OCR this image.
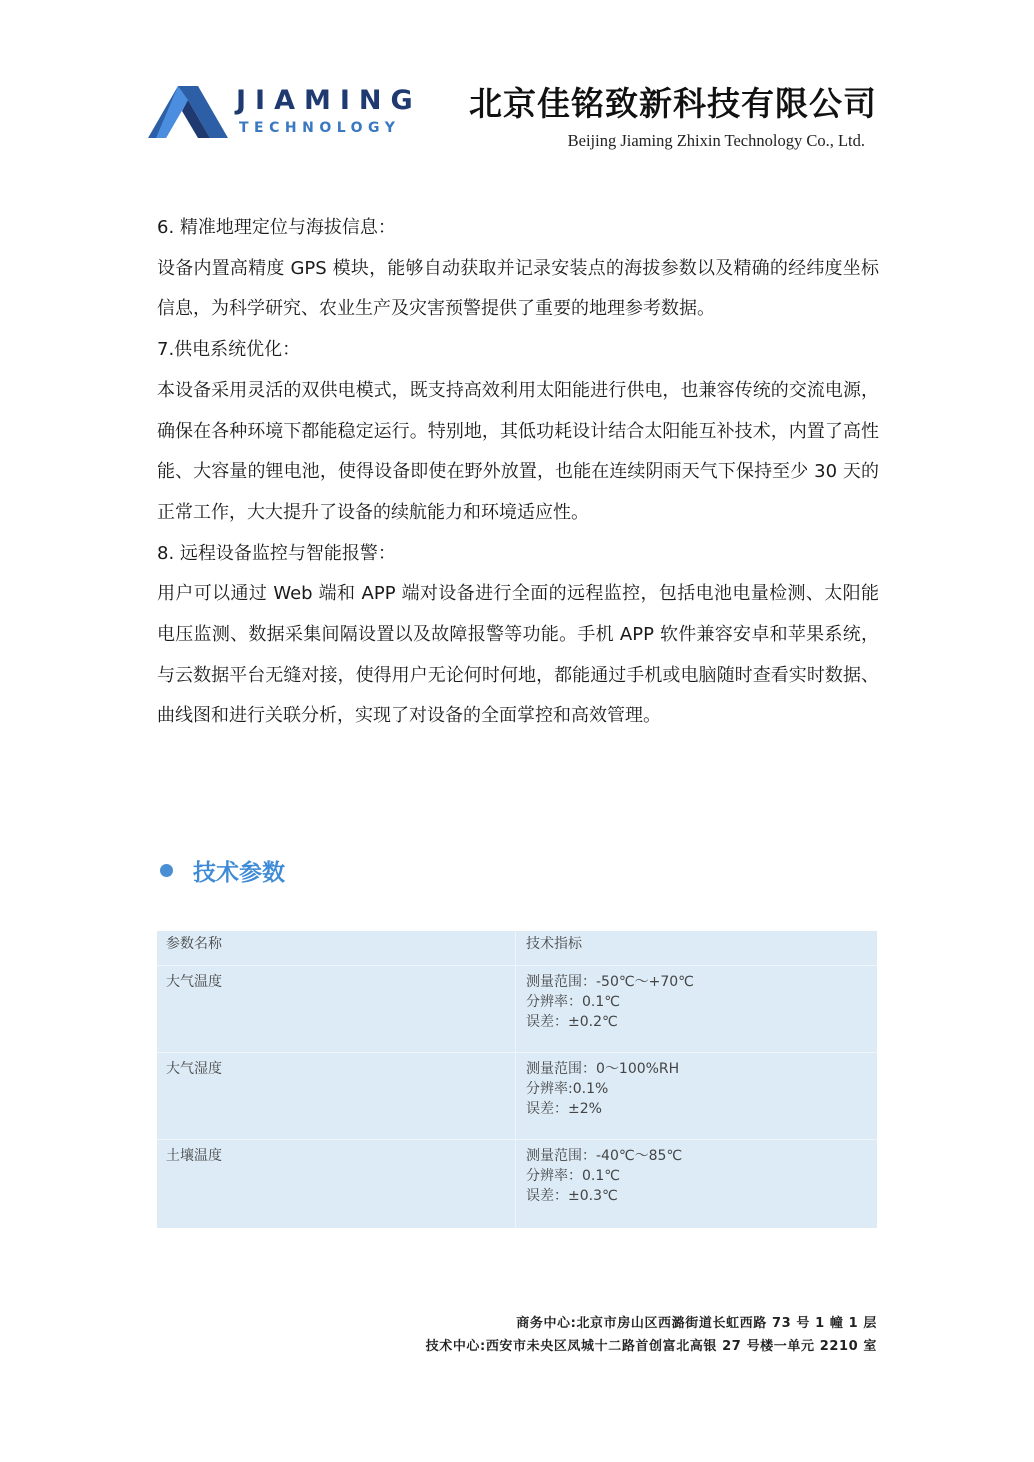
JIAMING
TECHNOLOGY
北京佳铭致新科技有限公司
Beijing Jiaming Zhixin Technology Co., Ltd.

6. 精准地理定位与海拔信息：

设备内置高精度 GPS 模块，能够自动获取并记录安装点的海拔参数以及精确的经纬度坐标信息，为科学研究、农业生产及灾害预警提供了重要的地理参考数据。

7.供电系统优化：

本设备采用灵活的双供电模式，既支持高效利用太阳能进行供电，也兼容传统的交流电源，确保在各种环境下都能稳定运行。特别地，其低功耗设计结合太阳能互补技术，内置了高性能、大容量的锂电池，使得设备即使在野外放置，也能在连续阴雨天气下保持至少 30 天的正常工作，大大提升了设备的续航能力和环境适应性。

8. 远程设备监控与智能报警：

用户可以通过 Web 端和 APP 端对设备进行全面的远程监控，包括电池电量检测、太阳能电压监测、数据采集间隔设置以及故障报警等功能。手机 APP 软件兼容安卓和苹果系统，与云数据平台无缝对接，使得用户无论何时何地，都能通过手机或电脑随时查看实时数据、曲线图和进行关联分析，实现了对设备的全面掌控和高效管理。

技术参数
参数名称	技术指标
大气温度	测量范围：-50℃～+70℃
分辨率：0.1℃
误差：±0.2℃
大气湿度	测量范围：0～100%RH
分辨率:0.1%
误差：±2%
土壤温度	测量范围：-40℃～85℃
分辨率：0.1℃
误差：±0.3℃
商务中心:北京市房山区西潞街道长虹西路 73 号 1 幢 1 层
技术中心:西安市未央区凤城十二路首创富北高银 27 号楼一单元 2210 室
